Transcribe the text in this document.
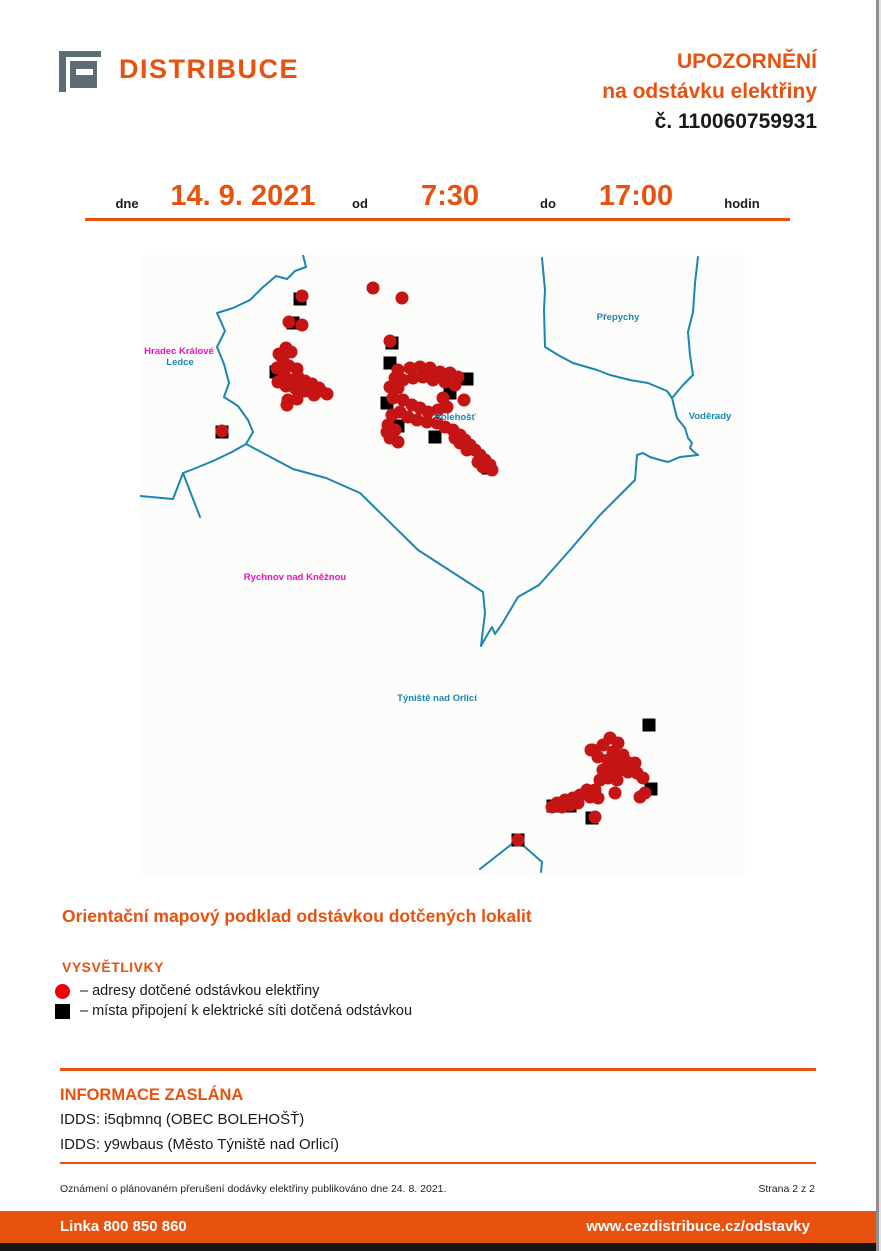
DISTRIBUCE	UPOZORNĚNÍ
na odstávku elektřiny
č. 110060759931
dne 14. 9. 2021	od 7:30	do 17:00	hodin
Hradec Králové
Ledce
Přepychy
Voděrady
Bolehošť
Rychnov nad Kněžnou
Týniště nad Orlicí
Orientační mapový podklad odstávkou dotčených lokalit
VYSVĚTLIVKY
– adresy dotčené odstávkou elektřiny
– místa připojení k elektrické síti dotčená odstávkou
INFORMACE ZASLÁNA
IDDS: i5qbmnq (OBEC BOLEHOŠŤ)
IDDS: y9wbaus (Město Týniště nad Orlicí)
Oznámení o plánovaném přerušení dodávky elektřiny publikováno dne 24. 8. 2021.	Strana 2 z 2
Linka 800 850 860	www.cezdistribuce.cz/odstavky
